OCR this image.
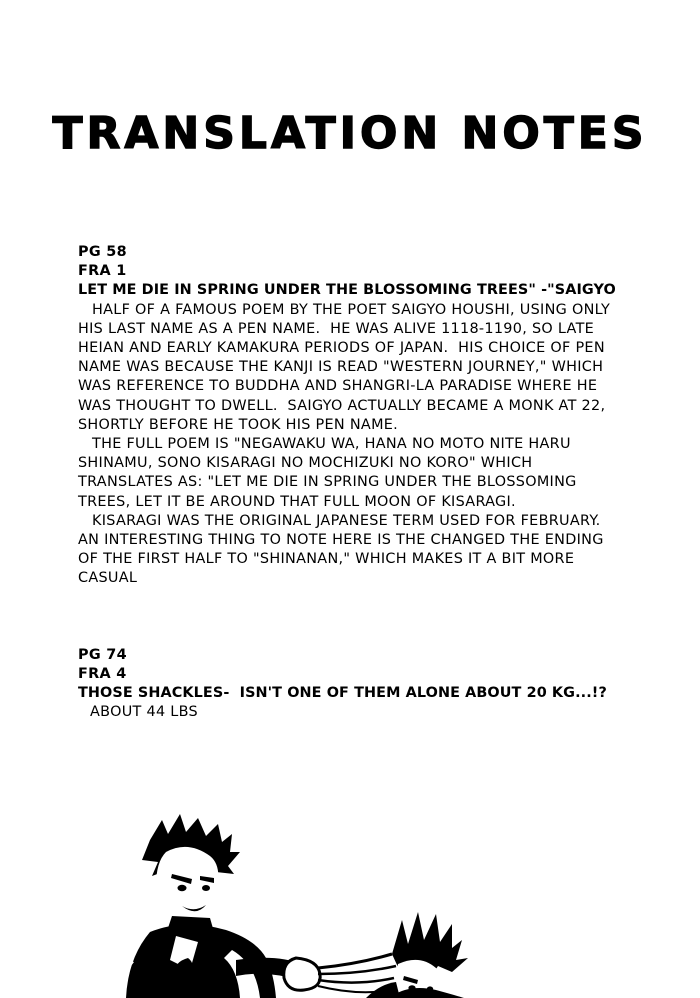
TRANSLATION NOTES
PG 58
FRA 1
LET ME DIE IN SPRING UNDER THE BLOSSOMING TREES" -"SAIGYO

HALF OF A FAMOUS POEM BY THE POET SAIGYO HOUSHI, USING ONLY HIS LAST NAME AS A PEN NAME.  HE WAS ALIVE 1118-1190, SO LATE HEIAN AND EARLY KAMAKURA PERIODS OF JAPAN.  HIS CHOICE OF PEN NAME WAS BECAUSE THE KANJI IS READ "WESTERN JOURNEY," WHICH WAS REFERENCE TO BUDDHA AND SHANGRI-LA PARADISE WHERE HE WAS THOUGHT TO DWELL.  SAIGYO ACTUALLY BECAME A MONK AT 22, SHORTLY BEFORE HE TOOK HIS PEN NAME.

THE FULL POEM IS "NEGAWAKU WA, HANA NO MOTO NITE HARU SHINAMU, SONO KISARAGI NO MOCHIZUKI NO KORO" WHICH TRANSLATES AS: "LET ME DIE IN SPRING UNDER THE BLOSSOMING TREES, LET IT BE AROUND THAT FULL MOON OF KISARAGI.

KISARAGI WAS THE ORIGINAL JAPANESE TERM USED FOR FEBRUARY. AN INTERESTING THING TO NOTE HERE IS THE CHANGED THE ENDING OF THE FIRST HALF TO "SHINANAN," WHICH MAKES IT A BIT MORE CASUAL

PG 74
FRA 4
THOSE SHACKLES-  ISN'T ONE OF THEM ALONE ABOUT 20 KG...!?

ABOUT 44 LBS
